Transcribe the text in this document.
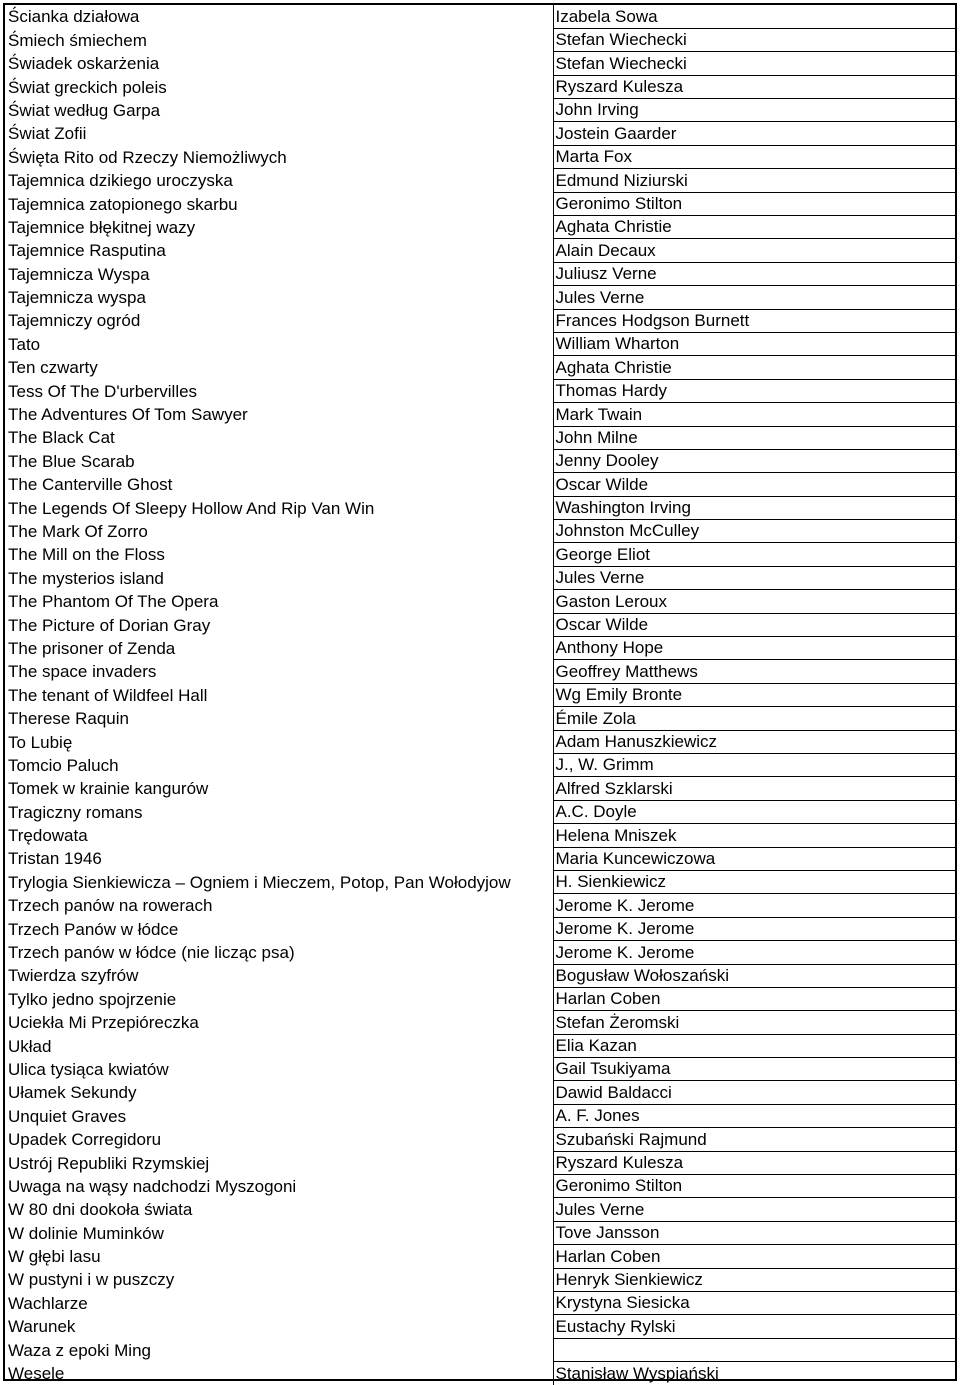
Ścianka działowa	Izabela Sowa
Śmiech śmiechem	Stefan Wiechecki
Świadek oskarżenia	Stefan Wiechecki
Świat greckich poleis	Ryszard Kulesza
Świat według Garpa	John Irving
Świat Zofii	Jostein Gaarder
Święta Rito od Rzeczy Niemożliwych	Marta Fox
Tajemnica dzikiego uroczyska	Edmund Niziurski
Tajemnica zatopionego skarbu	Geronimo Stilton
Tajemnice błękitnej wazy	Aghata Christie
Tajemnice Rasputina	Alain Decaux
Tajemnicza Wyspa	Juliusz Verne
Tajemnicza wyspa	Jules Verne
Tajemniczy ogród	Frances Hodgson Burnett
Tato	William Wharton
Ten czwarty	Aghata Christie
Tess Of The D'urbervilles	Thomas Hardy
The Adventures Of Tom Sawyer	Mark Twain
The Black Cat	John Milne
The Blue Scarab	Jenny Dooley
The Canterville Ghost	Oscar Wilde
The Legends Of Sleepy Hollow And Rip Van Win	Washington Irving
The Mark Of Zorro	Johnston McCulley
The Mill on the Floss	George Eliot
The mysterios island	Jules Verne
The Phantom Of The Opera	Gaston Leroux
The Picture of Dorian Gray	Oscar Wilde
The prisoner of Zenda	Anthony Hope
The space invaders	Geoffrey Matthews
The tenant of Wildfeel Hall	Wg Emily Bronte
Therese Raquin	Émile Zola
To Lubię	Adam Hanuszkiewicz
Tomcio Paluch	J., W. Grimm
Tomek w krainie kangurów	Alfred Szklarski
Tragiczny romans	A.C. Doyle
Trędowata	Helena Mniszek
Tristan 1946	Maria Kuncewiczowa
Trylogia Sienkiewicza – Ogniem i Mieczem, Potop, Pan Wołodyjow	H. Sienkiewicz
Trzech panów na rowerach	Jerome K. Jerome
Trzech Panów w łódce	Jerome K. Jerome
Trzech panów w łódce (nie licząc psa)	Jerome K. Jerome
Twierdza szyfrów	Bogusław Wołoszański
Tylko jedno spojrzenie	Harlan Coben
Uciekła Mi Przepióreczka	Stefan Żeromski
Układ	Elia Kazan
Ulica tysiąca kwiatów	Gail Tsukiyama
Ułamek Sekundy	Dawid Baldacci
Unquiet Graves	A. F. Jones
Upadek Corregidoru	Szubański Rajmund
Ustrój Republiki Rzymskiej	Ryszard Kulesza
Uwaga na wąsy nadchodzi Myszogoni	Geronimo Stilton
W 80 dni dookoła świata	Jules Verne
W dolinie Muminków	Tove Jansson
W głębi lasu	Harlan Coben
W pustyni i w puszczy	Henryk Sienkiewicz
Wachlarze	Krystyna Siesicka
Warunek	Eustachy Rylski
Waza z epoki Ming	
Wesele	Stanisław Wyspiański
